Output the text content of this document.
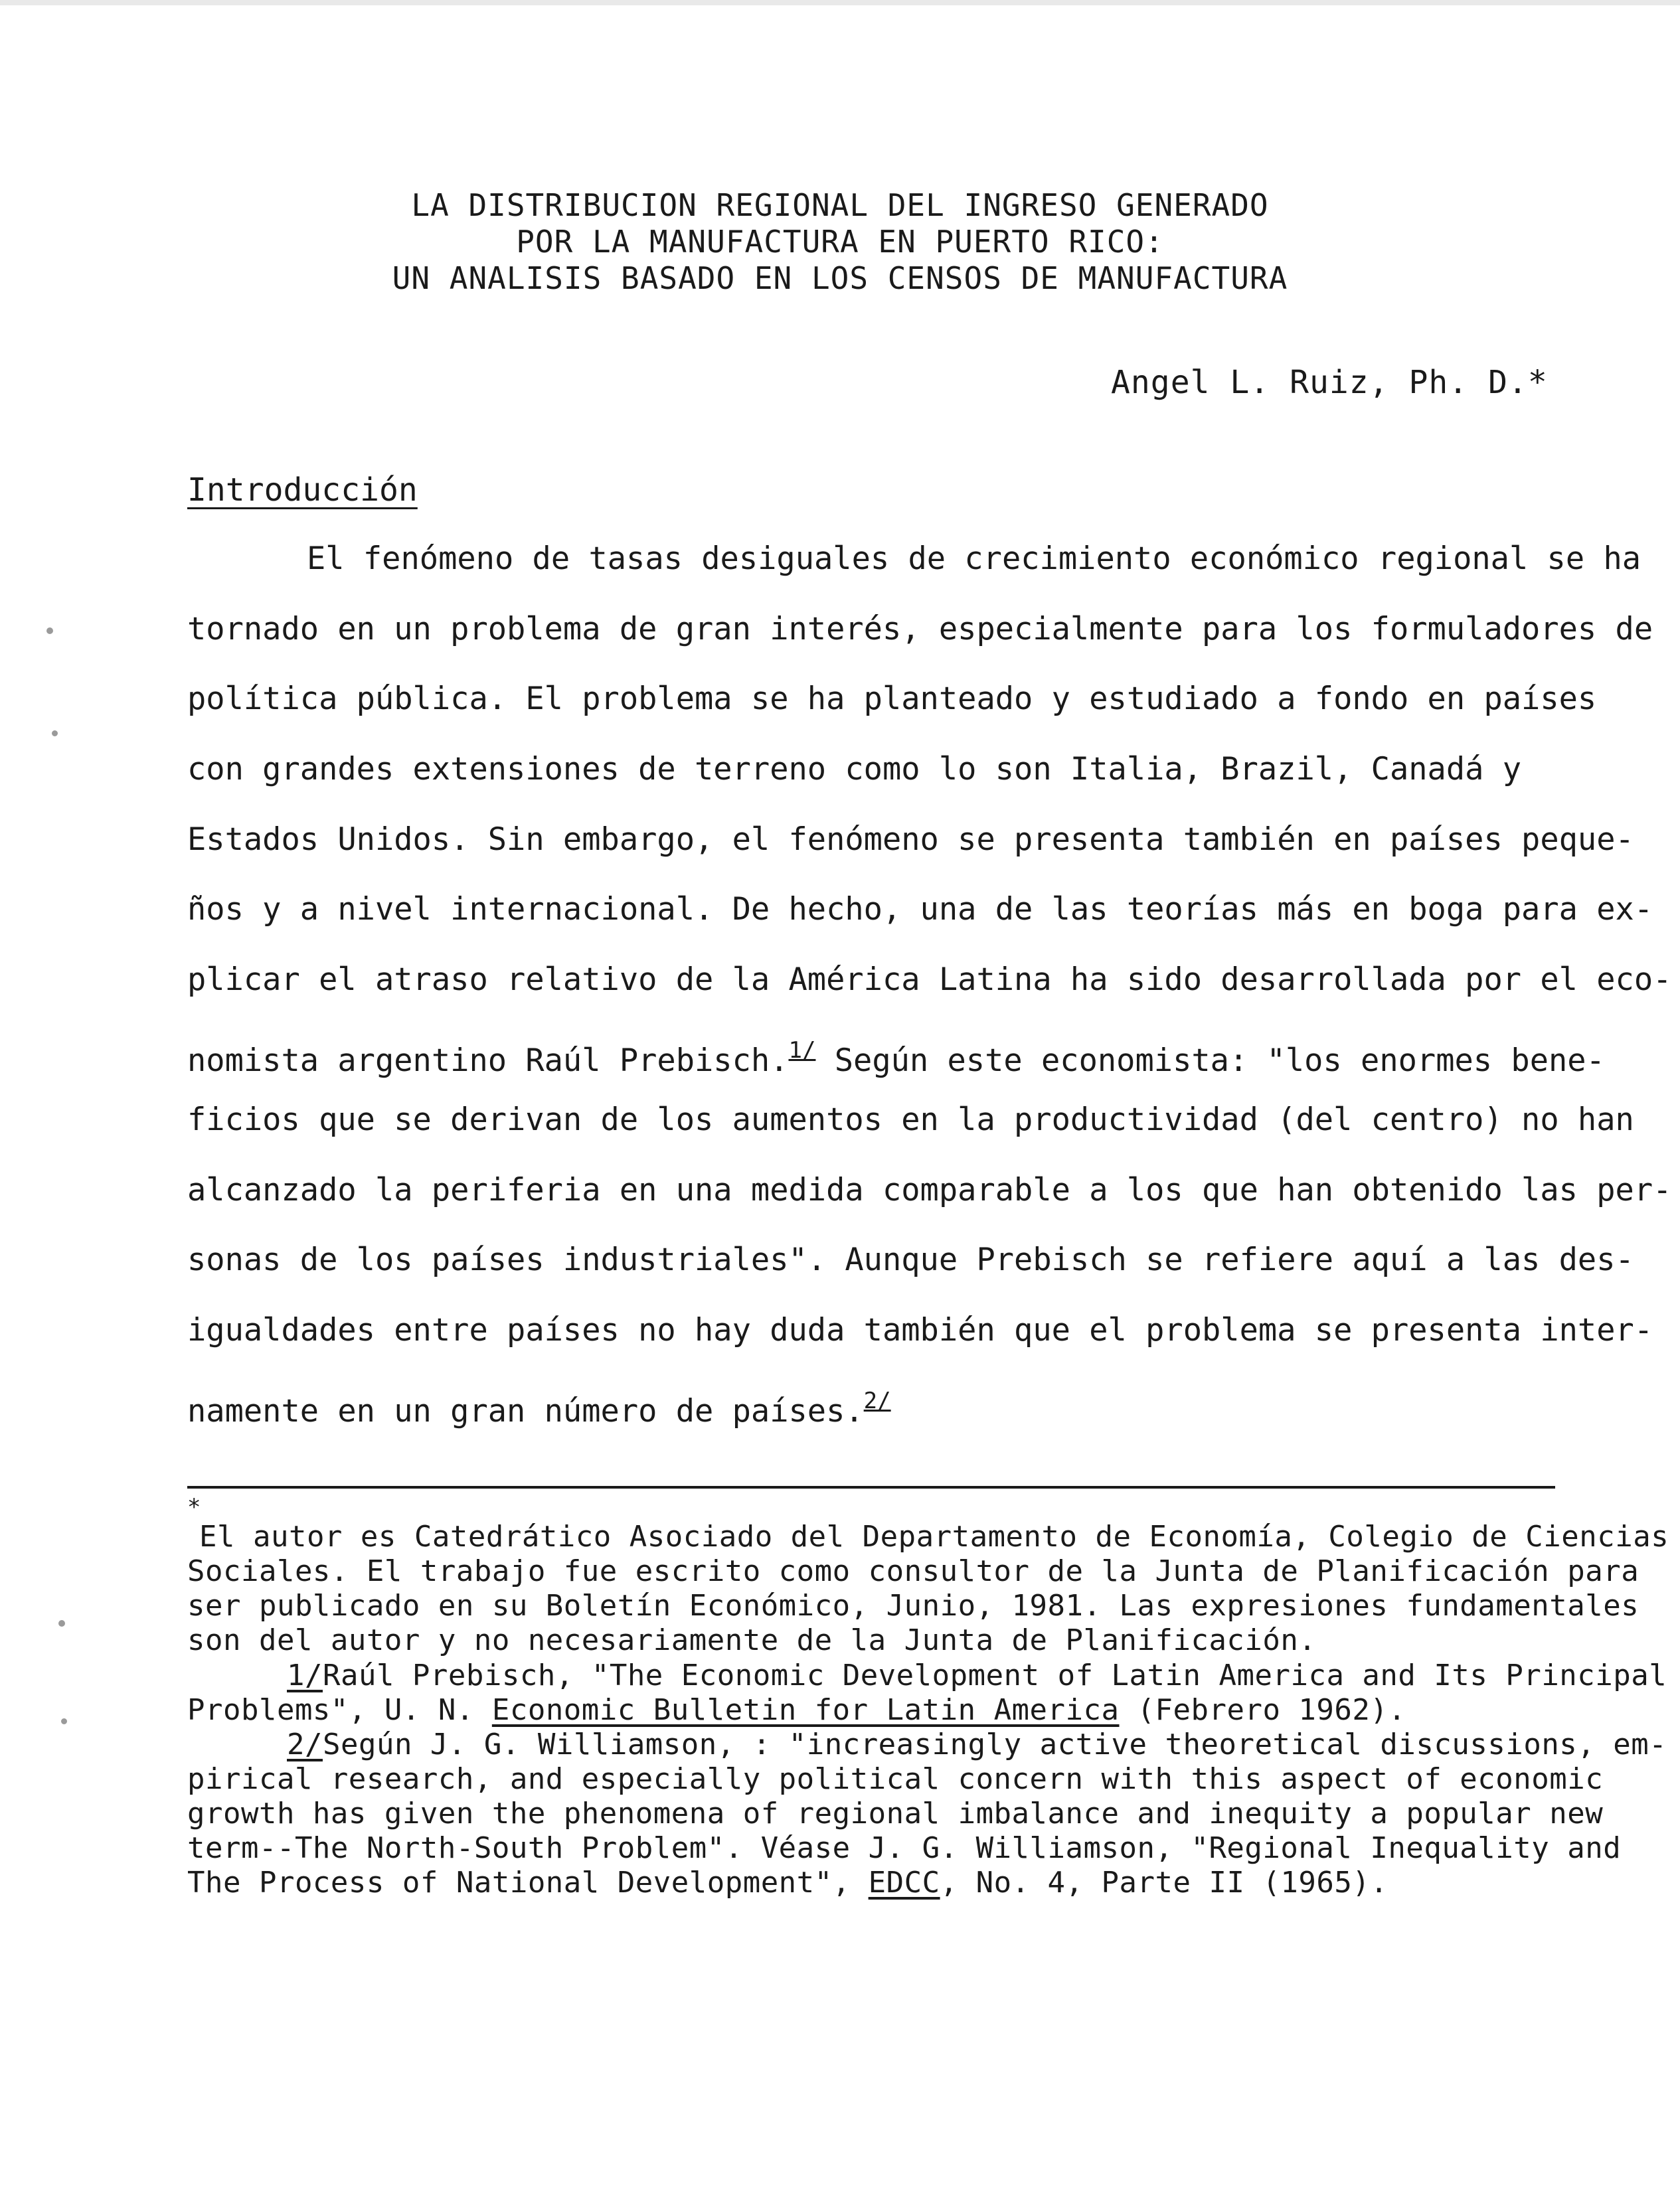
LA DISTRIBUCION REGIONAL DEL INGRESO GENERADO
POR LA MANUFACTURA EN PUERTO RICO:
UN ANALISIS BASADO EN LOS CENSOS DE MANUFACTURA
Angel L. Ruiz, Ph. D.*
Introducción
El fenómeno de tasas desiguales de crecimiento económico regional se ha
tornado en un problema de gran interés, especialmente para los formuladores de
política pública. El problema se ha planteado y estudiado a fondo en países
con grandes extensiones de terreno como lo son Italia, Brazil, Canadá y
Estados Unidos. Sin embargo, el fenómeno se presenta también en países peque-
ños y a nivel internacional. De hecho, una de las teorías más en boga para ex-
plicar el atraso relativo de la América Latina ha sido desarrollada por el eco-
nomista argentino Raúl Prebisch.$^{1/}$ Según este economista: "los enormes bene-
ficios que se derivan de los aumentos en la productividad (del centro) no han
alcanzado la periferia en una medida comparable a los que han obtenido las per-
sonas de los países industriales". Aunque Prebisch se refiere aquí a las des-
igualdades entre países no hay duda también que el problema se presenta inter-
namente en un gran número de países.$^{2/}$
*
El autor es Catedrático Asociado del Departamento de Economía, Colegio de Ciencias
Sociales. El trabajo fue escrito como consultor de la Junta de Planificación para
ser publicado en su Boletín Económico, Junio, 1981. Las expresiones fundamentales
son del autor y no necesariamente de la Junta de Planificación.
1/Raúl Prebisch, "The Economic Development of Latin America and Its Principal
Problems", U. N. Economic Bulletin for Latin America (Febrero 1962).
2/Según J. G. Williamson, : "increasingly active theoretical discussions, em-
pirical research, and especially political concern with this aspect of economic
growth has given the phenomena of regional imbalance and inequity a popular new
term--The North-South Problem". Véase J. G. Williamson, "Regional Inequality and
The Process of National Development", EDCC, No. 4, Parte II (1965).
